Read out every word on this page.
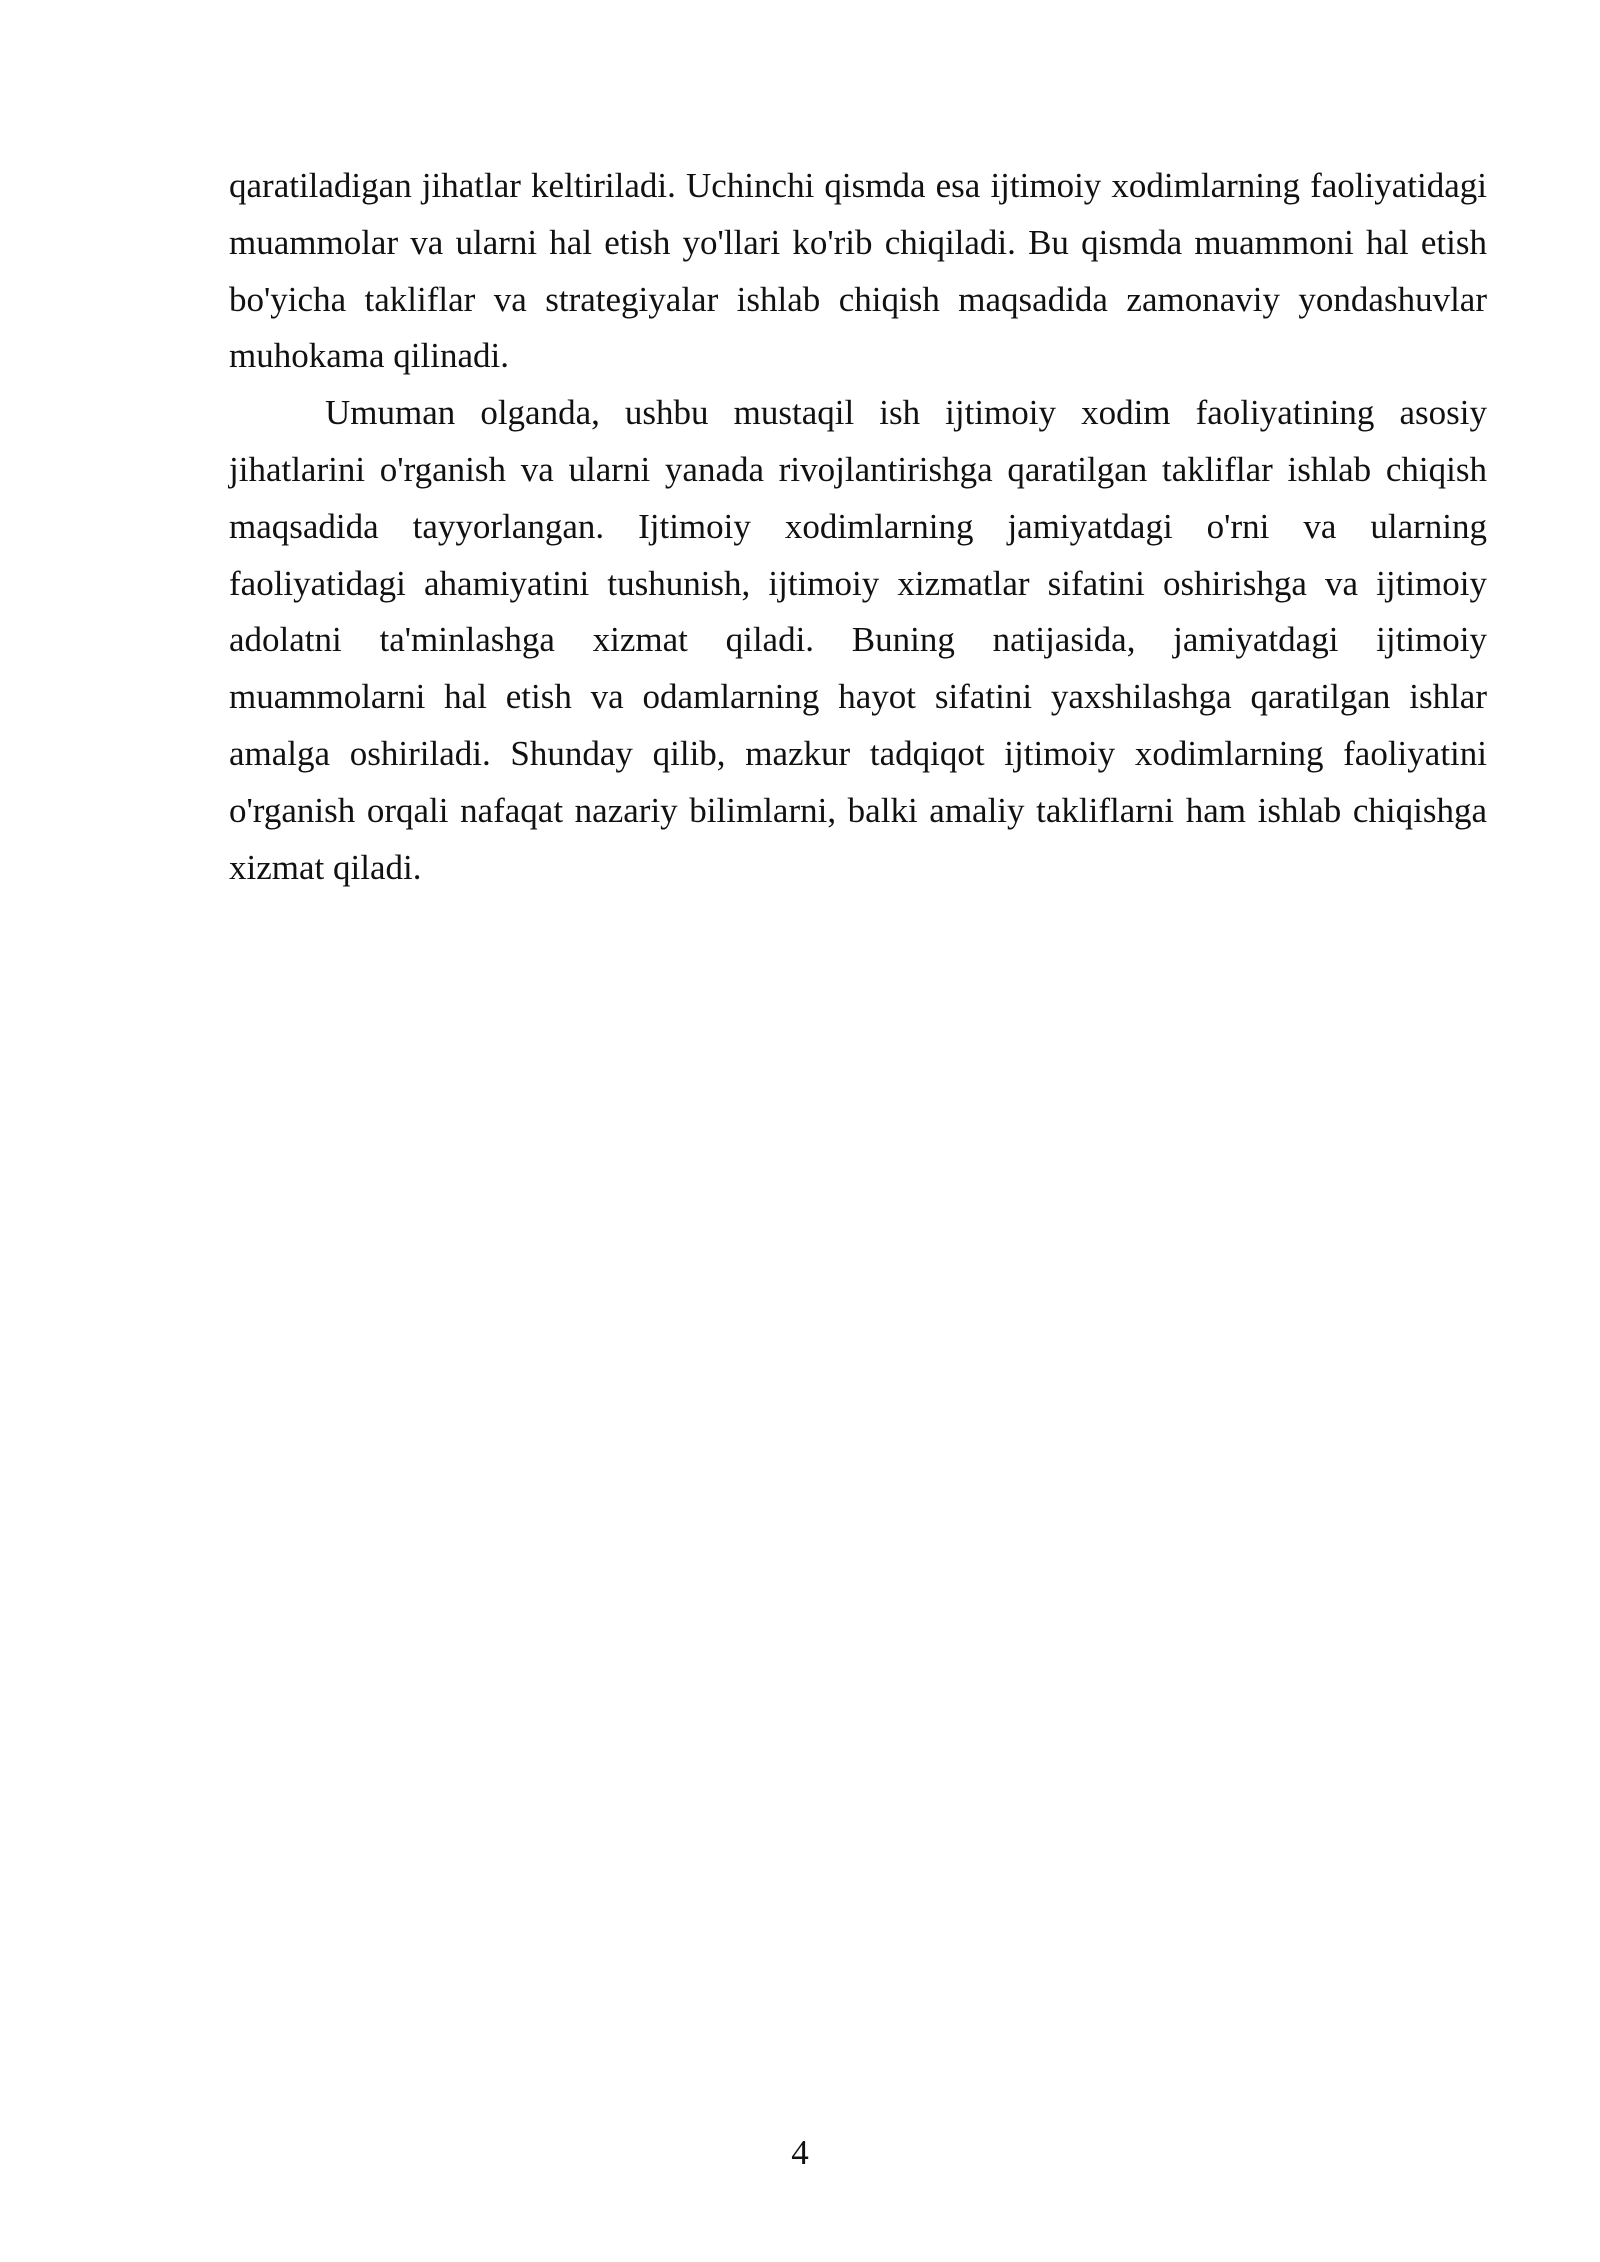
qaratiladigan jihatlar keltiriladi. Uchinchi qismda esa ijtimoiy xodimlarning faoliyatidagi muammolar va ularni hal etish yo'llari ko'rib chiqiladi. Bu qismda muammoni hal etish bo'yicha takliflar va strategiyalar ishlab chiqish maqsadida zamonaviy yondashuvlar muhokama qilinadi.

Umuman olganda, ushbu mustaqil ish ijtimoiy xodim faoliyatining asosiy jihatlarini o'rganish va ularni yanada rivojlantirishga qaratilgan takliflar ishlab chiqish maqsadida tayyorlangan. Ijtimoiy xodimlarning jamiyatdagi o'rni va ularning faoliyatidagi ahamiyatini tushunish, ijtimoiy xizmatlar sifatini oshirishga va ijtimoiy adolatni ta'minlashga xizmat qiladi. Buning natijasida, jamiyatdagi ijtimoiy muammolarni hal etish va odamlarning hayot sifatini yaxshilashga qaratilgan ishlar amalga oshiriladi. Shunday qilib, mazkur tadqiqot ijtimoiy xodimlarning faoliyatini o'rganish orqali nafaqat nazariy bilimlarni, balki amaliy takliflarni ham ishlab chiqishga xizmat qiladi.

4
